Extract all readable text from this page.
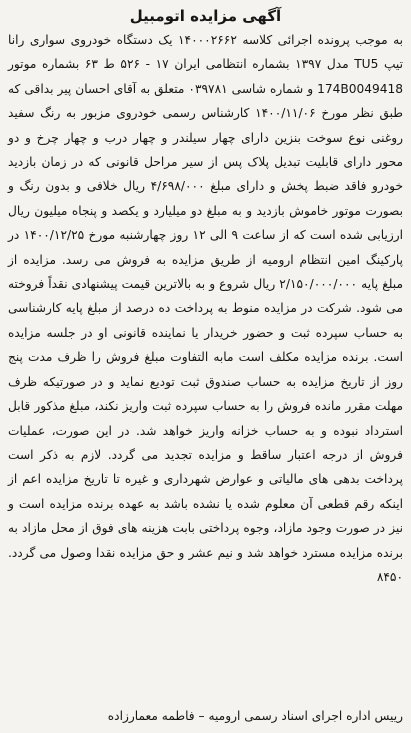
آگهی مزایده اتومبیل

به موجب پرونده اجرائی کلاسه ۱۴۰۰۰۲۶۶۲ یک دستگاه خودروی سواری رانا تیپ TU5 مدل ۱۳۹۷ بشماره انتظامی ایران ۱۷ - ۵۲۶ ط ۶۳ بشماره موتور 174B0049418 و شماره شاسی ۰۳۹۷۸۱ متعلق به آقای احسان پیر بداقی که طبق نظر مورخ ۱۴۰۰/۱۱/۰۶ کارشناس رسمی خودروی مزبور به رنگ سفید روغنی نوع سوخت بنزین دارای چهار سیلندر و چهار درب و چهار چرخ و دو محور دارای قابلیت تبدیل پلاک پس از سیر مراحل قانونی که در زمان بازدید خودرو فاقد ضبط پخش و دارای مبلغ ۴/۶۹۸/۰۰۰ ریال خلافی و بدون رنگ و بصورت موتور خاموش بازدید و به مبلغ دو میلیارد و یکصد و پنجاه میلیون ریال ارزیابی شده است که از ساعت ۹ الی ۱۲ روز چهارشنبه مورخ ۱۴۰۰/۱۲/۲۵ در پارکینگ امین انتظام ارومیه از طریق مزایده به فروش می رسد. مزایده از مبلغ پایه ۲/۱۵۰/۰۰۰/۰۰۰ ریال شروع و به بالاترین قیمت پیشنهادی نقداً فروخته می شود. شرکت در مزایده منوط به پرداخت ده درصد از مبلغ پایه کارشناسی به حساب سپرده ثبت و حضور خریدار یا نماینده قانونی او در جلسه مزایده است. برنده مزایده مکلف است مابه التفاوت مبلغ فروش را ظرف مدت پنج روز از تاریخ مزایده به حساب صندوق ثبت تودیع نماید و در صورتیکه ظرف مهلت مقرر مانده فروش را به حساب سپرده ثبت واریز نکند، مبلغ مذکور قابل استرداد نبوده و به حساب خزانه واریز خواهد شد. در این صورت، عملیات فروش از درجه اعتبار ساقط و مزایده تجدید می گردد. لازم به ذکر است پرداخت بدهی های مالیاتی و عوارض شهرداری و غیره تا تاریخ مزایده اعم از اینکه رقم قطعی آن معلوم شده یا نشده باشد به عهده برنده مزایده است و نیز در صورت وجود مازاد، وجوه پرداختی بابت هزینه های فوق از محل مازاد به برنده مزایده مسترد خواهد شد و نیم عشر و حق مزایده نقدا وصول می گردد. ۸۴۵۰

رییس اداره اجرای اسناد رسمی ارومیه – فاطمه معمارزاده
